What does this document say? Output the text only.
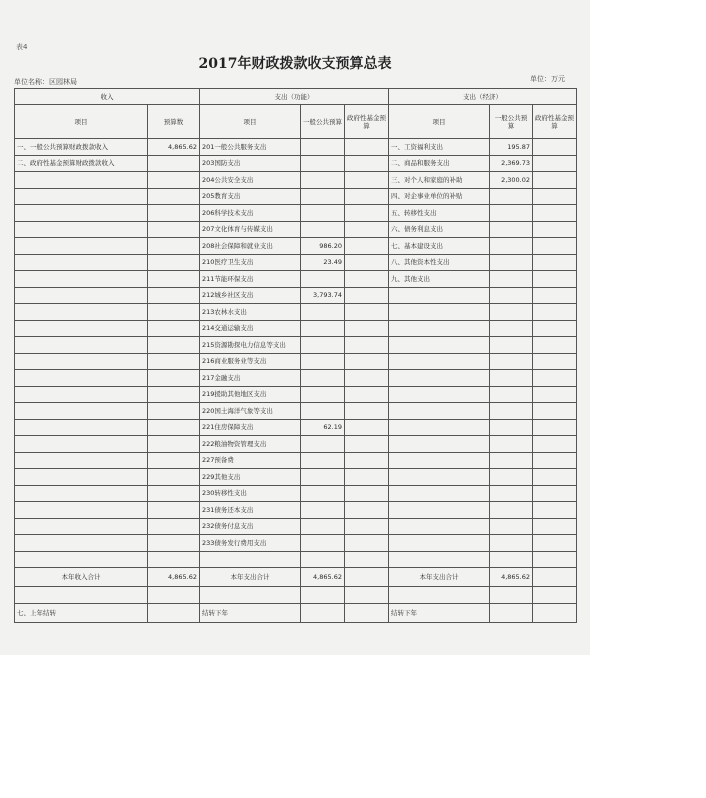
表4
2017年财政拨款收支预算总表
单位名称：区园林局	单位：万元
收入		支出（功能）			支出（经济）		
项目	预算数	项目	一般公共预算	政府性基金预算	项目	一般公共预算	政府性基金预算
一、一般公共预算财政拨款收入	4,865.62	201一般公共服务支出			一、工资福利支出	195.87	
二、政府性基金预算财政拨款收入		203国防支出			二、商品和服务支出	2,369.73	
		204公共安全支出			三、对个人和家庭的补助	2,300.02	
		205教育支出			四、对企事业单位的补贴		
		206科学技术支出			五、转移性支出		
		207文化体育与传媒支出			六、债务利息支出		
		208社会保障和就业支出	986.20		七、基本建设支出		
		210医疗卫生支出	23.49		八、其他资本性支出		
		211节能环保支出			九、其他支出		
		212城乡社区支出	3,793.74				
		213农林水支出					
		214交通运输支出					
		215资源勘探电力信息等支出					
		216商业服务业等支出					
		217金融支出					
		219援助其他地区支出					
		220国土海洋气象等支出					
		221住房保障支出	62.19				
		222粮油物资管理支出					
		227预备费					
		229其他支出					
		230转移性支出					
		231债务还本支出					
		232债务付息支出					
		233债务发行费用支出					

本年收入合计	4,865.62	本年支出合计	4,865.62		本年支出合计	4,865.62	

七、上年结转		结转下年			结转下年		
